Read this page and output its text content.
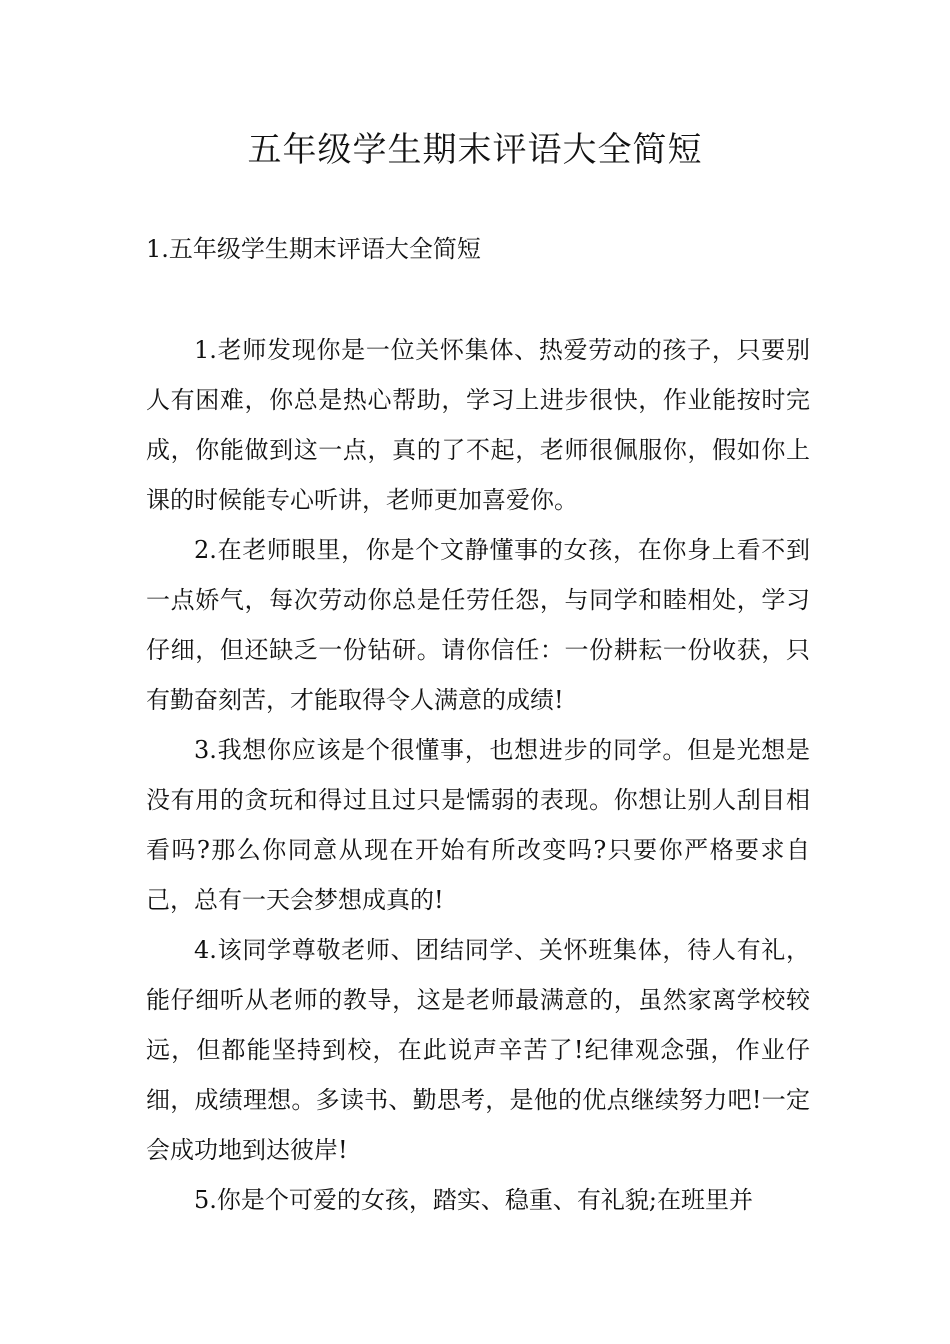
五年级学生期末评语大全简短
1.五年级学生期末评语大全简短

1.老师发现你是一位关怀集体、热爱劳动的孩子，只要别人有困难，你总是热心帮助，学习上进步很快，作业能按时完成，你能做到这一点，真的了不起，老师很佩服你，假如你上课的时候能专心听讲，老师更加喜爱你。

2.在老师眼里，你是个文静懂事的女孩，在你身上看不到一点娇气，每次劳动你总是任劳任怨，与同学和睦相处，学习仔细，但还缺乏一份钻研。请你信任：一份耕耘一份收获，只有勤奋刻苦，才能取得令人满意的成绩!

3.我想你应该是个很懂事，也想进步的同学。但是光想是没有用的贪玩和得过且过只是懦弱的表现。你想让别人刮目相看吗?那么你同意从现在开始有所改变吗?只要你严格要求自己，总有一天会梦想成真的!

4.该同学尊敬老师、团结同学、关怀班集体，待人有礼，能仔细听从老师的教导，这是老师最满意的，虽然家离学校较远，但都能坚持到校，在此说声辛苦了!纪律观念强，作业仔细，成绩理想。多读书、勤思考，是他的优点继续努力吧!一定会成功地到达彼岸!

5.你是个可爱的女孩，踏实、稳重、有礼貌;在班里并
